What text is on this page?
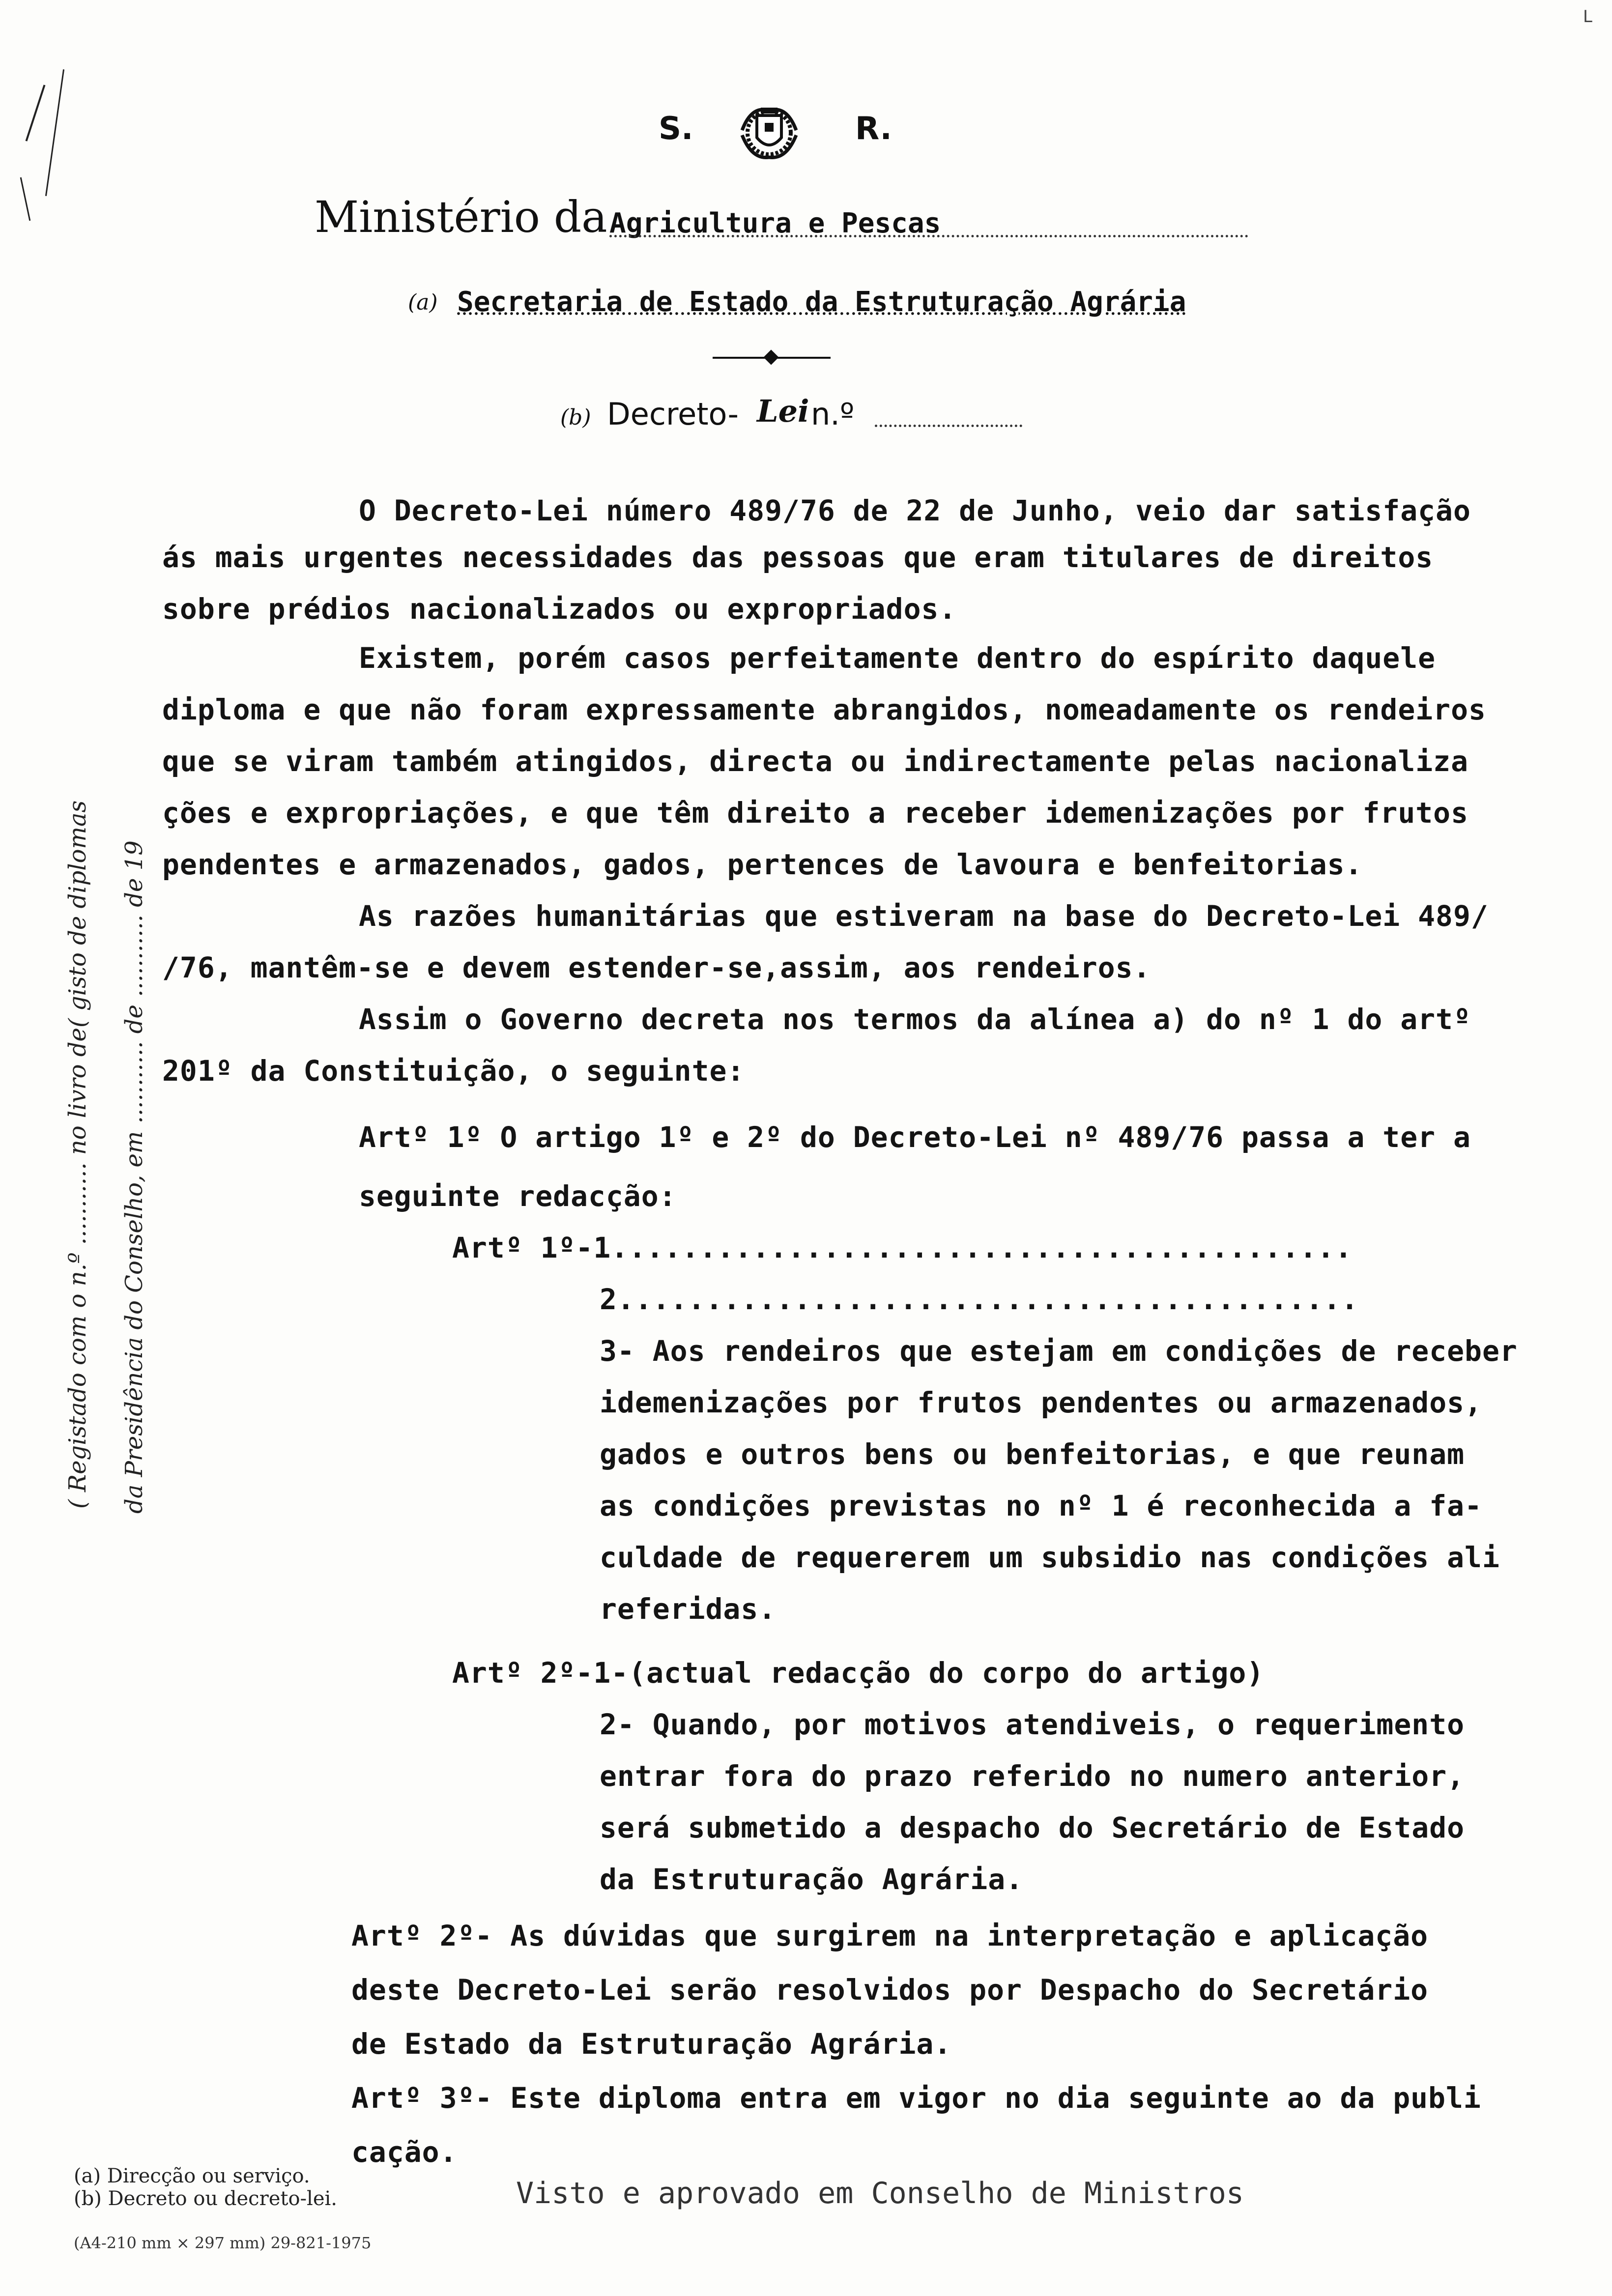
L
S.	R.
Ministério da Agricultura e Pescas
(a) Secretaria de Estado da Estruturação Agrária
(b) Decreto- Lei n.º
( Registado com o n.º ........... no livro de( gisto de diplomas da Presidência do Conselho, em ........... de ........... de 19
O Decreto-Lei número 489/76 de 22 de Junho, veio dar satisfação
ás mais urgentes necessidades das pessoas que eram titulares de direitos
sobre prédios nacionalizados ou expropriados.
Existem, porém casos perfeitamente dentro do espírito daquele
diploma e que não foram expressamente abrangidos, nomeadamente os rendeiros
que se viram também atingidos, directa ou indirectamente pelas nacionaliza
ções e expropriações, e que têm direito a receber idemenizações por frutos
pendentes e armazenados, gados, pertences de lavoura e benfeitorias.
As razões humanitárias que estiveram na base do Decreto-Lei 489/
/76, mantêm-se e devem estender-se,assim, aos rendeiros.
Assim o Governo decreta nos termos da alínea a) do nº 1 do artº
201º da Constituição, o seguinte:
Artº 1º O artigo 1º e 2º do Decreto-Lei nº 489/76 passa a ter a
seguinte redacção:
Artº 1º-1..........................................
2..........................................
3- Aos rendeiros que estejam em condições de receber
idemenizações por frutos pendentes ou armazenados,
gados e outros bens ou benfeitorias, e que reunam
as condições previstas no nº 1 é reconhecida a fa-
culdade de requererem um subsidio nas condições ali
referidas.
Artº 2º-1-(actual redacção do corpo do artigo)
2- Quando, por motivos atendiveis, o requerimento
entrar fora do prazo referido no numero anterior,
será submetido a despacho do Secretário de Estado
da Estruturação Agrária.
Artº 2º- As dúvidas que surgirem na interpretação e aplicação
deste Decreto-Lei serão resolvidos por Despacho do Secretário
de Estado da Estruturação Agrária.
Artº 3º- Este diploma entra em vigor no dia seguinte ao da publi
cação.
(a) Direcção ou serviço.
(b) Decreto ou decreto-lei.	Visto e aprovado em Conselho de Ministros
(A4-210 mm × 297 mm) 29-821-1975
